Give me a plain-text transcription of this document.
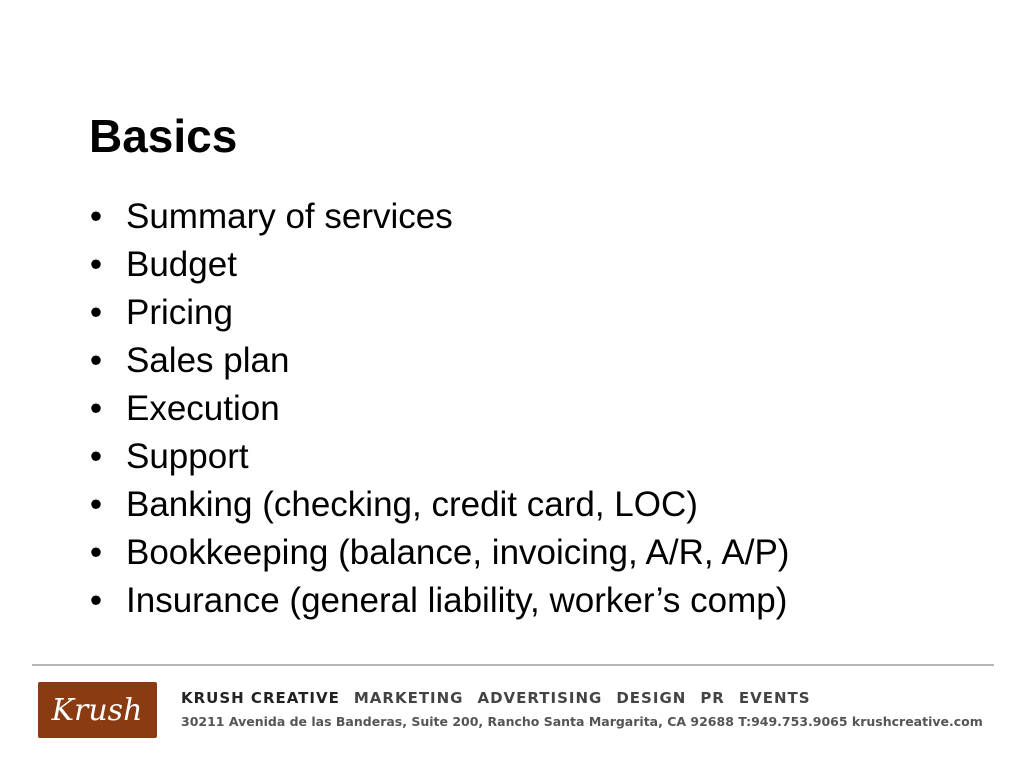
Basics
• Summary of services
• Budget
• Pricing
• Sales plan
• Execution
• Support
• Banking (checking, credit card, LOC)
• Bookkeeping (balance, invoicing, A/R, A/P)
• Insurance (general liability, worker’s comp)
Krush	KRUSH CREATIVE MARKETING ADVERTISING DESIGN PR EVENTS
30211 Avenida de las Banderas, Suite 200, Rancho Santa Margarita, CA 92688 T:949.753.9065 krushcreative.com
